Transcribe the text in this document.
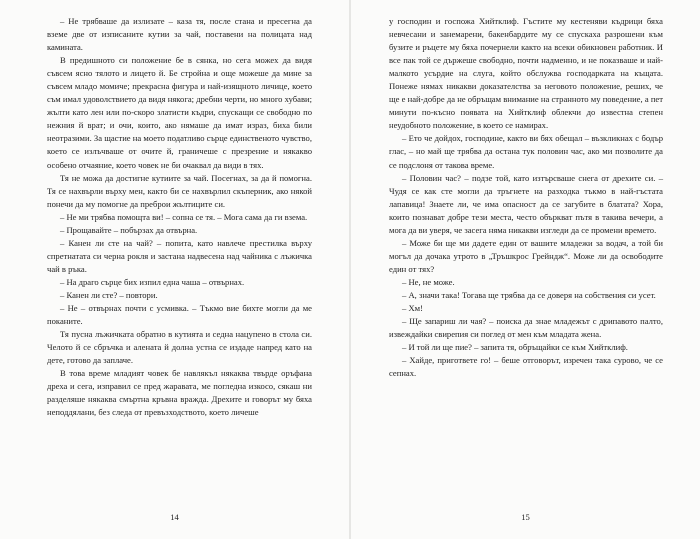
– Не трябваше да излизате – каза тя, после стана и пресегна да вземе две от изписаните кутии за чай, поставени на полицата над камината.

В предишното си положение бе в сянка, но сега можех да видя съвсем ясно тялото и лицето й. Бе стройна и още можеше да мине за съвсем младо момиче; прекрасна фигура и най-изящното личице, което съм имал удоволствието да видя някога; дребни черти, но много хубави; жълти като лен или по-скоро златисти къдри, спускащи се свободно по нежния й врат; и очи, които, ако нямаше да имат израз, биха били неотразими. За щастие на моето податливо сърце единственото чувство, което се излъчваше от очите й, граничеше с презрение и някакво особено отчаяние, което човек не би очаквал да види в тях.

Тя не можа да достигне кутиите за чай. Посегнах, за да й помогна. Тя се нахвърли върху мен, както би се нахвърлил скъперник, ако някой понечи да му помогне да преброи жълтиците си.

– Не ми трябва помощта ви! – сопна се тя. – Мога сама да ги взема.

– Прощавайте – побързах да отвърна.

– Канен ли сте на чай? – попита, като навлече престилка върху спретнатата си черна рокля и застана надвесена над чайника с лъжичка чай в ръка.

– На драго сърце бих изпил една чаша – отвърнах.

– Канен ли сте? – повтори.

– Не – отвърнах почти с усмивка. – Тъкмо вие бихте могли да ме поканите.

Тя пусна лъжичката обратно в кутията и седна нацупено в стола си. Челото й се сбръчка и алената й долна устна се издаде напред като на дете, готово да заплаче.

В това време младият човек бе навлякъл някаква твърде оръфана дреха и сега, изправил се пред жаравата, ме погледна изкосо, сякаш ни разделяше някаква смъртна кръвна вражда. Дрехите и говорът му бяха неподдялани, без следа от превъзходството, което личеше

14

у господин и госпожа Хийтклиф. Гъстите му кестеняви къдрици бяха невчесани и занемарени, бакенбардите му се спускаха разрошени към бузите и ръцете му бяха почернели както на всеки обикновен работник. И все пак той се държеше свободно, почти надменно, и не показваше и най-малкото усърдие на слуга, който обслужва господарката на къщата. Понеже нямах никакви доказателства за неговото положение, реших, че ще е най-добре да не обръщам внимание на странното му поведение, а пет минути по-късно появата на Хийтклиф облекчи до известна степен неудобното положение, в което се намирах.

– Ето че дойдох, господине, както ви бях обещал – възкликнах с бодър глас, – но май ще трябва да остана тук половин час, ако ми позволите да се подслоня от такова време.

– Половин час? – подзе той, като изтърсваше снега от дрехите си. – Чудя се как сте могли да тръгнете на разходка тъкмо в най-гъстата лапавица! Знаете ли, че има опасност да се загубите в блатата? Хора, които познават добре тези места, често объркват пътя в такива вечери, а мога да ви уверя, че засега няма никакви изгледи да се промени времето.

– Може би ще ми дадете един от вашите младежи за водач, а той би могъл да дочака утрото в „Тръшкрос Грейндж“. Може ли да освободите един от тях?

– Не, не може.

– А, значи така! Тогава ще трябва да се доверя на собствения си усет.

– Хм!

– Ще запариш ли чая? – поиска да знае младежът с дрипавото палто, извеждайки свирепия си поглед от мен към младата жена.

– И той ли ще пие? – запита тя, обръщайки се към Хийтклиф.

– Хайде, пригответе го! – беше отговорът, изречен така сурово, че се сепнах.

15
